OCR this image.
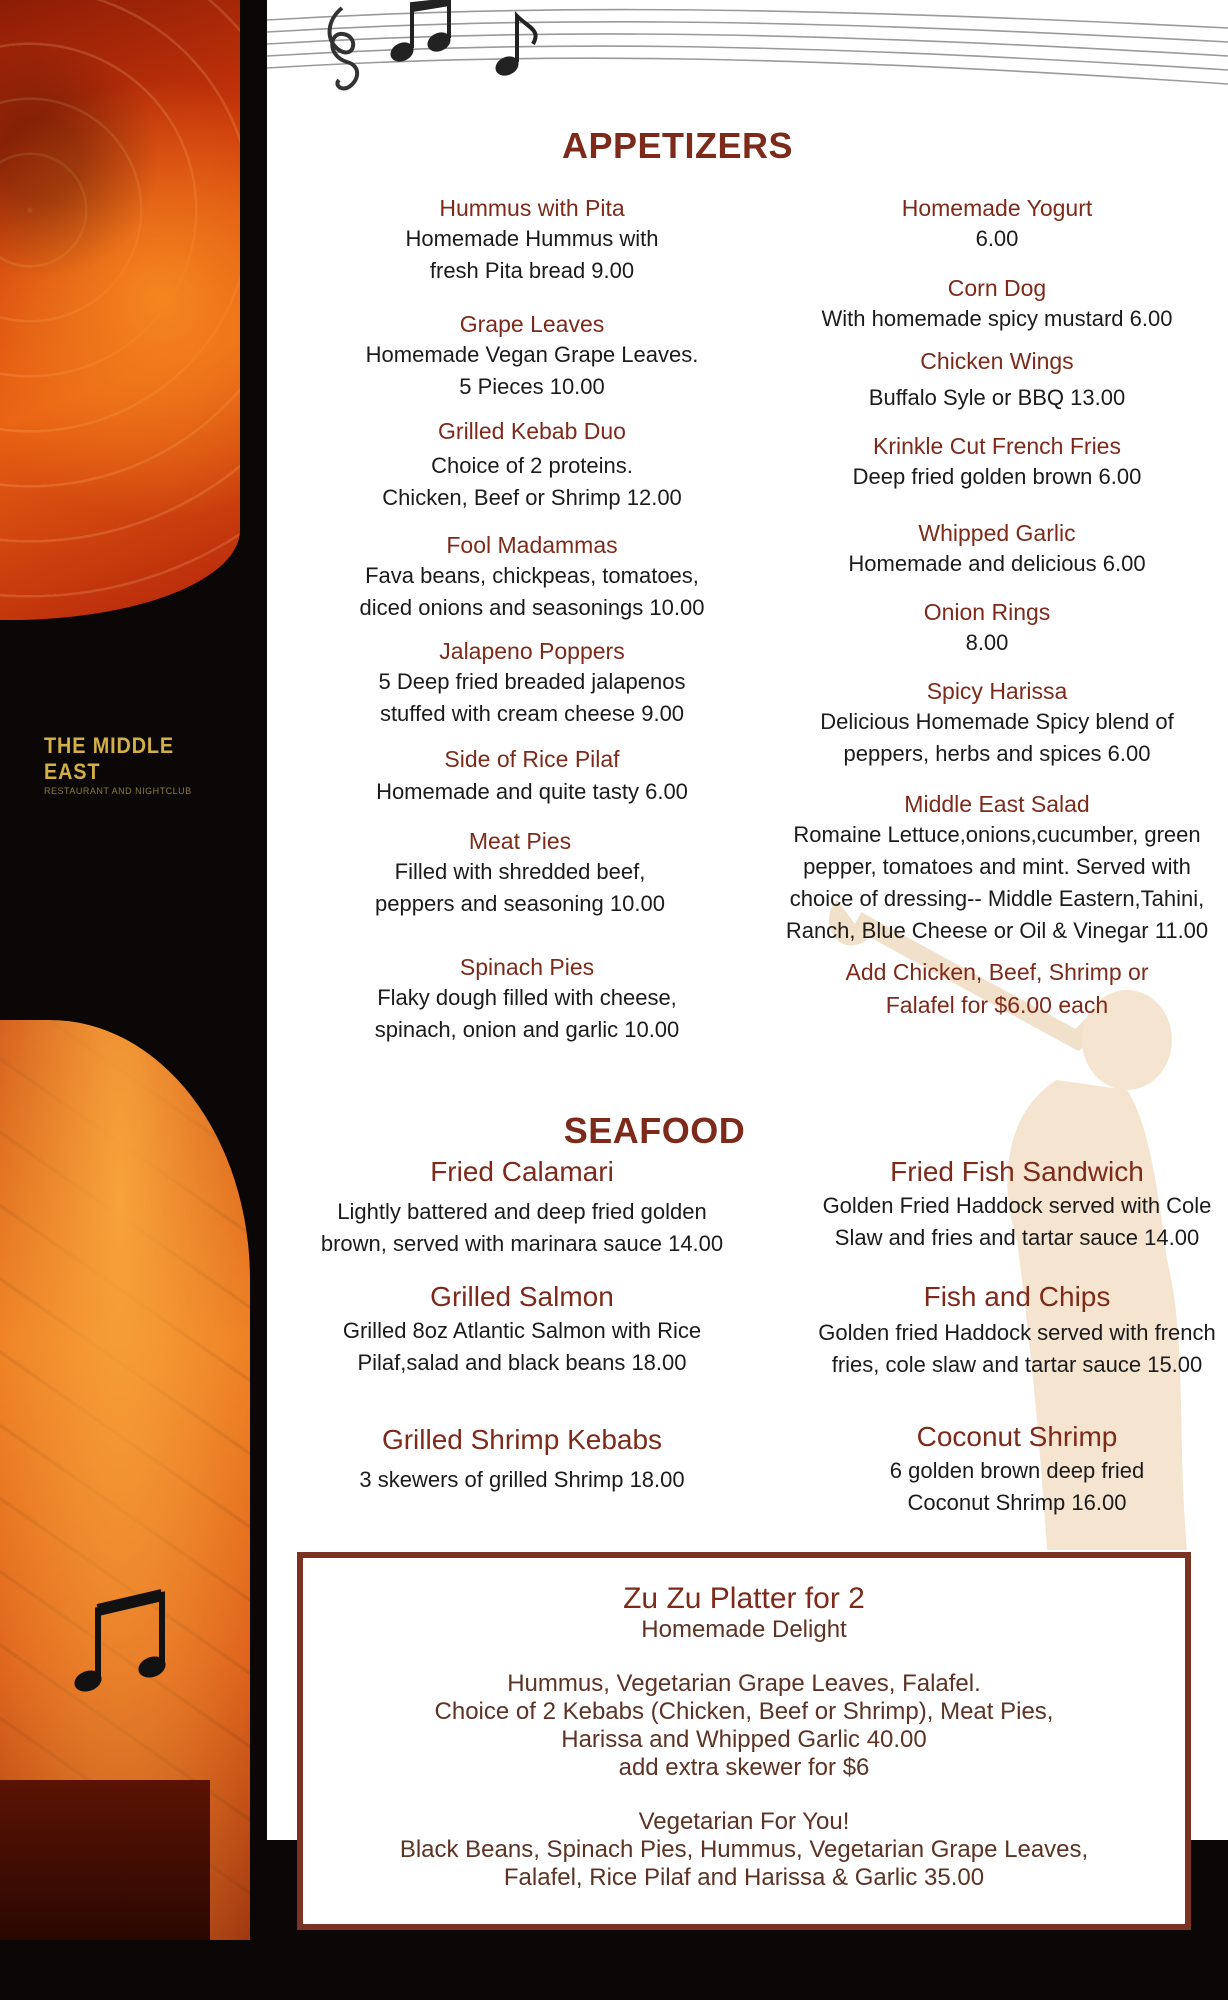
THE MIDDLE EAST
RESTAURANT AND NIGHTCLUB
APPETIZERS
Hummus with Pita
Homemade Hummus with
fresh Pita bread 9.00
Grape Leaves
Homemade Vegan Grape Leaves.
5 Pieces 10.00
Grilled Kebab Duo
Choice of 2 proteins.
Chicken, Beef or Shrimp 12.00
Fool Madammas
Fava beans, chickpeas, tomatoes,
diced onions and seasonings 10.00
Jalapeno Poppers
5 Deep fried breaded jalapenos
stuffed with cream cheese 9.00
Side of Rice Pilaf
Homemade and quite tasty 6.00
Meat Pies
Filled with shredded beef,
peppers and seasoning 10.00
Spinach Pies
Flaky dough filled with cheese,
spinach, onion and garlic 10.00
Homemade Yogurt
6.00
Corn Dog
With homemade spicy mustard 6.00
Chicken Wings
Buffalo Syle or BBQ 13.00
Krinkle Cut French Fries
Deep fried golden brown 6.00
Whipped Garlic
Homemade and delicious 6.00
Onion Rings
8.00
Spicy Harissa
Delicious Homemade Spicy blend of
peppers, herbs and spices 6.00
Middle East Salad
Romaine Lettuce,onions,cucumber, green
pepper, tomatoes and mint. Served with
choice of dressing-- Middle Eastern,Tahini,
Ranch, Blue Cheese or Oil & Vinegar 11.00
Add Chicken, Beef, Shrimp or
Falafel for $6.00 each
SEAFOOD
Fried Calamari
Lightly battered and deep fried golden
brown, served with marinara sauce 14.00
Grilled Salmon
Grilled 8oz Atlantic Salmon with Rice
Pilaf,salad and black beans 18.00
Grilled Shrimp Kebabs
3 skewers of grilled Shrimp 18.00
Fried Fish Sandwich
Golden Fried Haddock served with Cole
Slaw and fries and tartar sauce 14.00
Fish and Chips
Golden fried Haddock served with french
fries, cole slaw and tartar sauce 15.00
Coconut Shrimp
6 golden brown deep fried
Coconut Shrimp 16.00
Zu Zu Platter for 2
Homemade Delight
Hummus, Vegetarian Grape Leaves, Falafel.
Choice of 2 Kebabs (Chicken, Beef or Shrimp), Meat Pies,
Harissa and Whipped Garlic 40.00
add extra skewer for $6
Vegetarian For You!
Black Beans, Spinach Pies, Hummus, Vegetarian Grape Leaves,
Falafel, Rice Pilaf and Harissa & Garlic 35.00
